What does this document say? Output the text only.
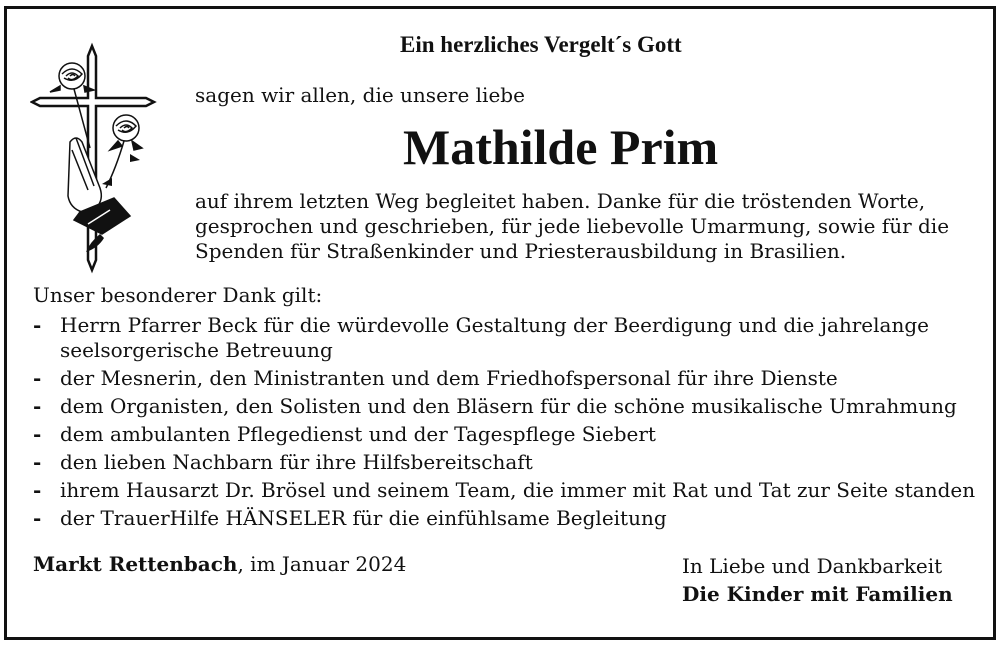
Ein herzliches Vergelt´s Gott
sagen wir allen, die unsere liebe
Mathilde Prim
auf ihrem letzten Weg begleitet haben. Danke für die tröstenden Worte,
gesprochen und geschrieben, für jede liebevolle Umarmung, sowie für die
Spenden für Straßenkinder und Priesterausbildung in Brasilien.
Unser besonderer Dank gilt:
- Herrn Pfarrer Beck für die würdevolle Gestaltung der Beerdigung und die jahrelange
seelsorgerische Betreuung
- der Mesnerin, den Ministranten und dem Friedhofspersonal für ihre Dienste
- dem Organisten, den Solisten und den Bläsern für die schöne musikalische Umrahmung
- dem ambulanten Pflegedienst und der Tagespflege Siebert
- den lieben Nachbarn für ihre Hilfsbereitschaft
- ihrem Hausarzt Dr. Brösel und seinem Team, die immer mit Rat und Tat zur Seite standen
- der TrauerHilfe HÄNSELER für die einfühlsame Begleitung
Markt Rettenbach, im Januar 2024	In Liebe und Dankbarkeit
Die Kinder mit Familien
